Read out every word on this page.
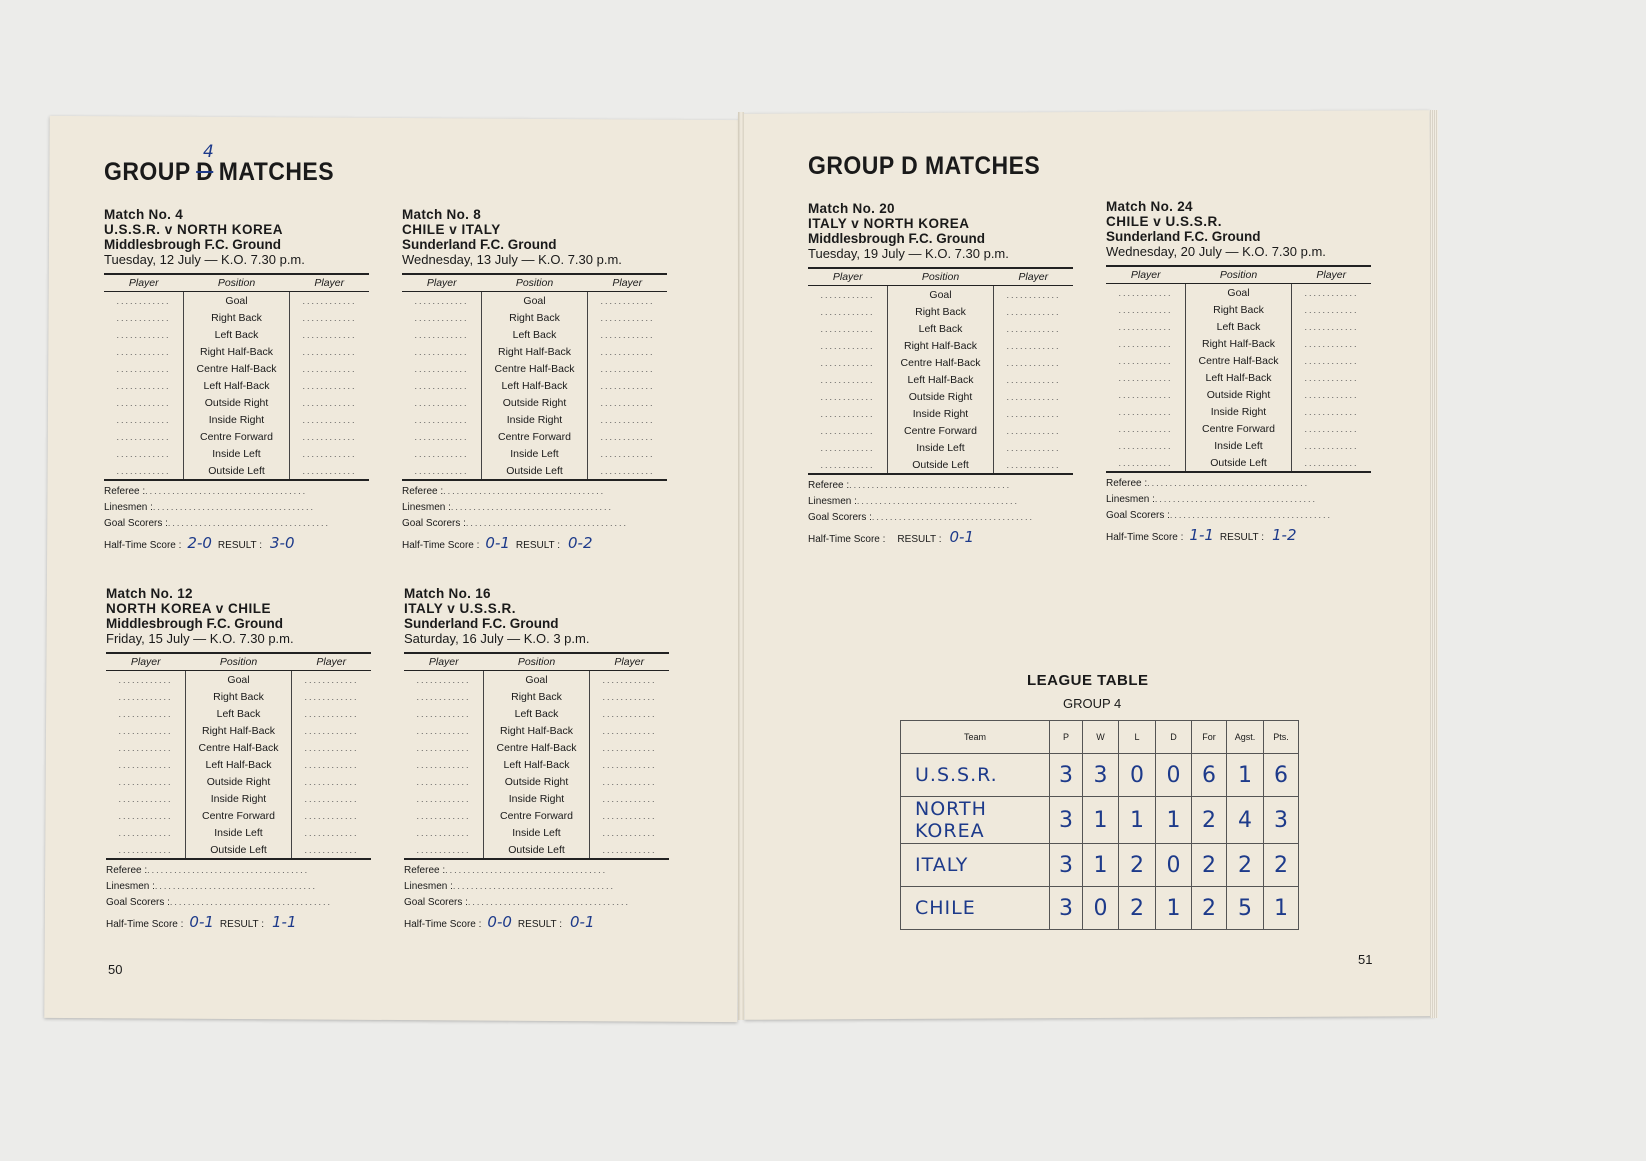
GROUP D MATCHES
4
Match No. 4
U.S.S.R. v NORTH KOREA
Middlesbrough F.C. Ground
Tuesday, 12 July — K.O. 7.30 p.m.
Player	Position	Player
............	Goal	............
............	Right Back	............
............	Left Back	............
............	Right Half-Back	............
............	Centre Half-Back	............
............	Left Half-Back	............
............	Outside Right	............
............	Inside Right	............
............	Centre Forward	............
............	Inside Left	............
............	Outside Left	............
Referee :....................................
Linesmen :....................................
Goal Scorers :....................................
Half-Time Score : 2-0 RESULT : 3-0
Match No. 8
CHILE v ITALY
Sunderland F.C. Ground
Wednesday, 13 July — K.O. 7.30 p.m.
Player	Position	Player
............	Goal	............
............	Right Back	............
............	Left Back	............
............	Right Half-Back	............
............	Centre Half-Back	............
............	Left Half-Back	............
............	Outside Right	............
............	Inside Right	............
............	Centre Forward	............
............	Inside Left	............
............	Outside Left	............
Referee :....................................
Linesmen :....................................
Goal Scorers :....................................
Half-Time Score : 0-1 RESULT : 0-2
Match No. 12
NORTH KOREA v CHILE
Middlesbrough F.C. Ground
Friday, 15 July — K.O. 7.30 p.m.
Player	Position	Player
............	Goal	............
............	Right Back	............
............	Left Back	............
............	Right Half-Back	............
............	Centre Half-Back	............
............	Left Half-Back	............
............	Outside Right	............
............	Inside Right	............
............	Centre Forward	............
............	Inside Left	............
............	Outside Left	............
Referee :....................................
Linesmen :....................................
Goal Scorers :....................................
Half-Time Score : 0-1 RESULT : 1-1
Match No. 16
ITALY v U.S.S.R.
Sunderland F.C. Ground
Saturday, 16 July — K.O. 3 p.m.
Player	Position	Player
............	Goal	............
............	Right Back	............
............	Left Back	............
............	Right Half-Back	............
............	Centre Half-Back	............
............	Left Half-Back	............
............	Outside Right	............
............	Inside Right	............
............	Centre Forward	............
............	Inside Left	............
............	Outside Left	............
Referee :....................................
Linesmen :....................................
Goal Scorers :....................................
Half-Time Score : 0-0 RESULT : 0-1
50
GROUP D MATCHES
Match No. 20
ITALY v NORTH KOREA
Middlesbrough F.C. Ground
Tuesday, 19 July — K.O. 7.30 p.m.
Player	Position	Player
............	Goal	............
............	Right Back	............
............	Left Back	............
............	Right Half-Back	............
............	Centre Half-Back	............
............	Left Half-Back	............
............	Outside Right	............
............	Inside Right	............
............	Centre Forward	............
............	Inside Left	............
............	Outside Left	............
Referee :....................................
Linesmen :....................................
Goal Scorers :....................................
Half-Time Score : RESULT : 0-1
Match No. 24
CHILE v U.S.S.R.
Sunderland F.C. Ground
Wednesday, 20 July — K.O. 7.30 p.m.
Player	Position	Player
............	Goal	............
............	Right Back	............
............	Left Back	............
............	Right Half-Back	............
............	Centre Half-Back	............
............	Left Half-Back	............
............	Outside Right	............
............	Inside Right	............
............	Centre Forward	............
............	Inside Left	............
............	Outside Left	............
Referee :....................................
Linesmen :....................................
Goal Scorers :....................................
Half-Time Score : 1-1 RESULT : 1-2
LEAGUE TABLE
GROUP 4
Team	P	W	L	D	For	Agst.	Pts.
U.S.S.R.	3	3	0	0	6	1	6
NORTH KOREA	3	1	1	1	2	4	3
ITALY	3	1	2	0	2	2	2
CHILE	3	0	2	1	2	5	1
51
